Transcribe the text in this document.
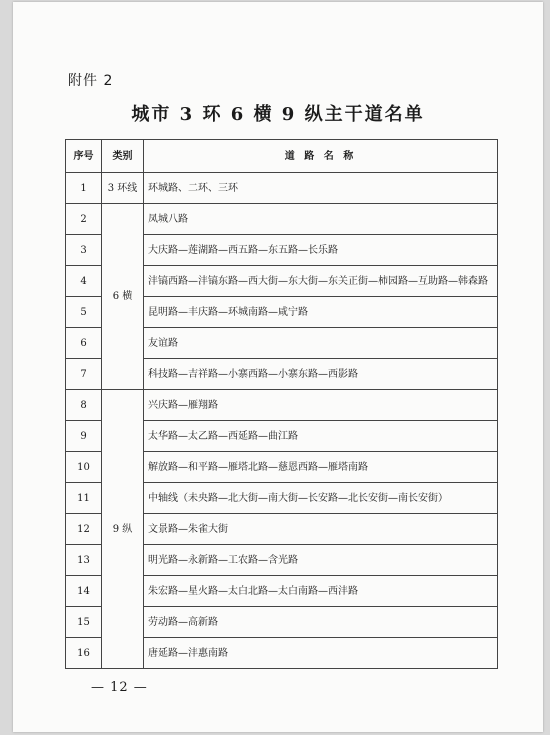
附件 2
城市 3 环 6 横 9 纵主干道名单
序号	类别	道 路 名 称
1	3 环线	环城路、二环、三环
2	6 横	凤城八路
3		大庆路—莲湖路—西五路—东五路—长乐路
4		沣镐西路—沣镐东路—西大街—东大街—东关正街—柿园路—互助路—韩森路
5		昆明路—丰庆路—环城南路—咸宁路
6		友谊路
7		科技路—吉祥路—小寨西路—小寨东路—西影路
8	9 纵	兴庆路—雁翔路
9		太华路—太乙路—西延路—曲江路
10		解放路—和平路—雁塔北路—慈恩西路—雁塔南路
11		中轴线（未央路—北大街—南大街—长安路—北长安街—南长安街）
12		文景路—朱雀大街
13		明光路—永新路—工农路—含光路
14		朱宏路—星火路—太白北路—太白南路—西沣路
15		劳动路—高新路
16		唐延路—沣惠南路
— 12 —
